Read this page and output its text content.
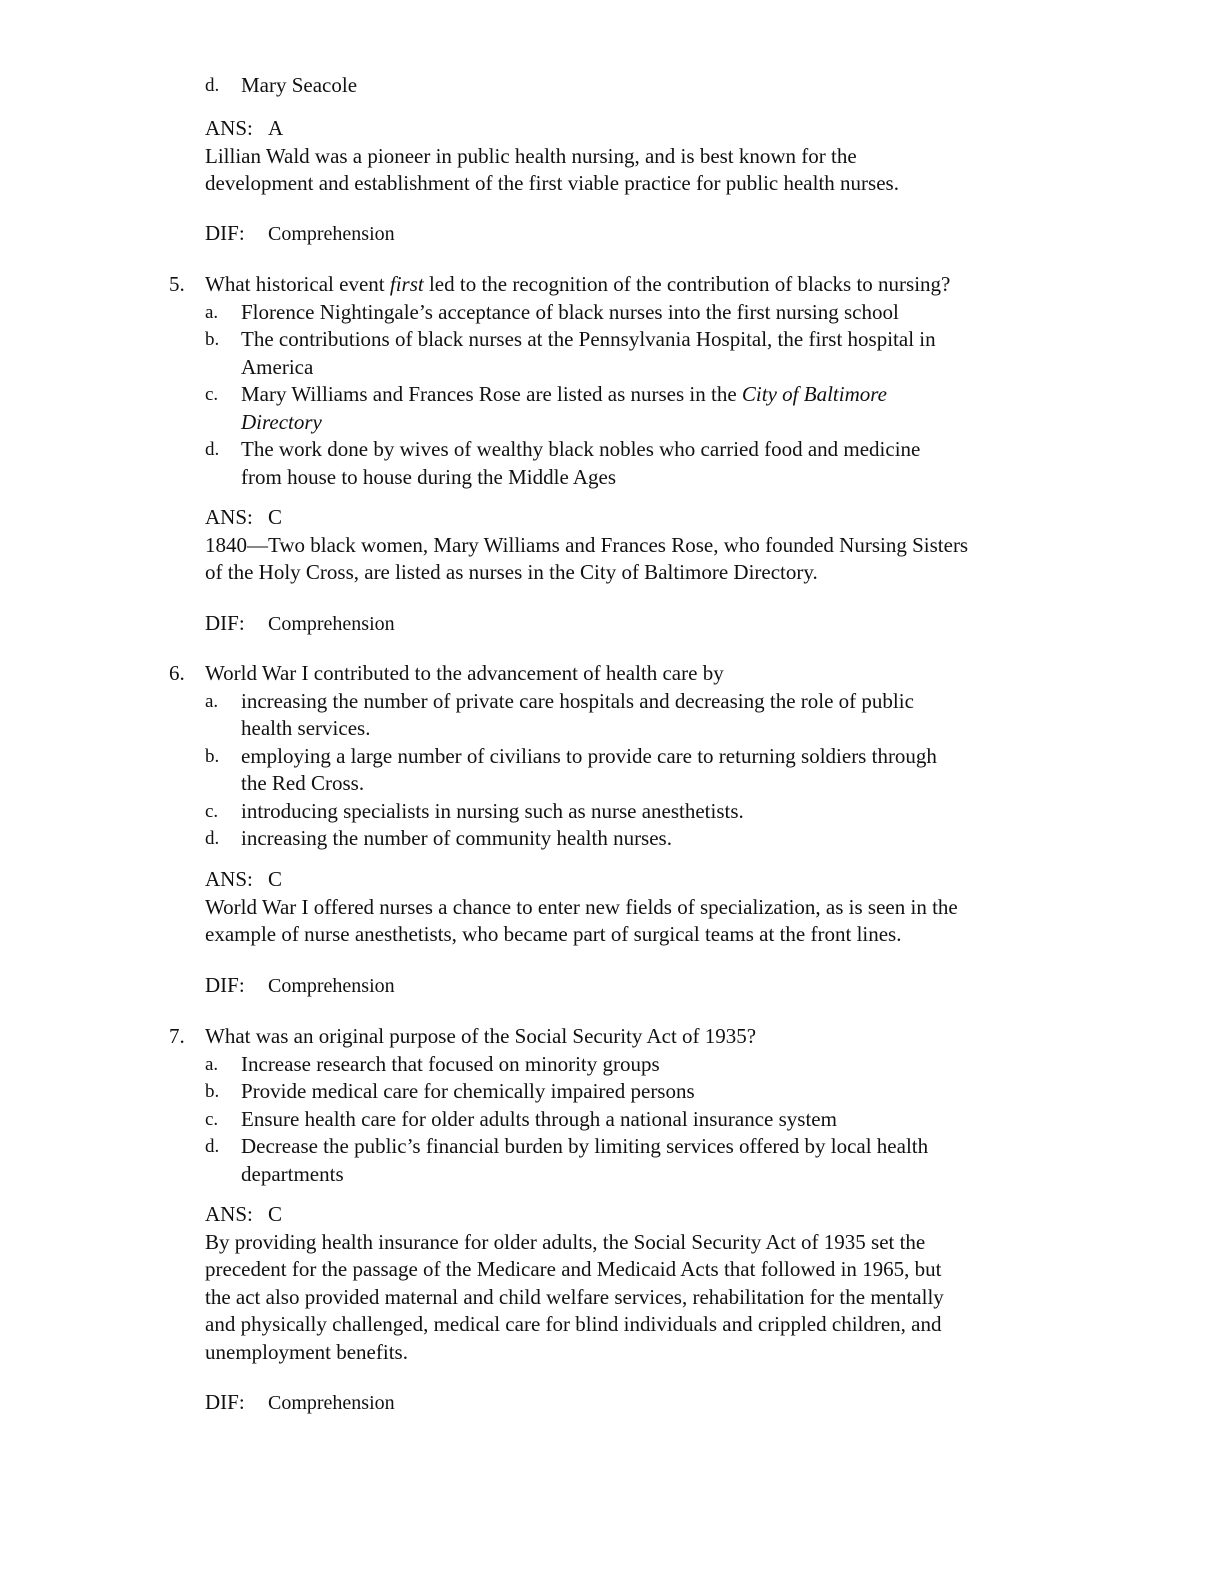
d. Mary Seacole
ANS: A
Lillian Wald was a pioneer in public health nursing, and is best known for the
development and establishment of the first viable practice for public health nurses.
DIF: Comprehension
5. What historical event first led to the recognition of the contribution of blacks to nursing?
a. Florence Nightingale’s acceptance of black nurses into the first nursing school
b. The contributions of black nurses at the Pennsylvania Hospital, the first hospital in
America
c. Mary Williams and Frances Rose are listed as nurses in the City of Baltimore
Directory
d. The work done by wives of wealthy black nobles who carried food and medicine
from house to house during the Middle Ages
ANS: C
1840—Two black women, Mary Williams and Frances Rose, who founded Nursing Sisters
of the Holy Cross, are listed as nurses in the City of Baltimore Directory.
DIF: Comprehension
6. World War I contributed to the advancement of health care by
a. increasing the number of private care hospitals and decreasing the role of public
health services.
b. employing a large number of civilians to provide care to returning soldiers through
the Red Cross.
c. introducing specialists in nursing such as nurse anesthetists.
d. increasing the number of community health nurses.
ANS: C
World War I offered nurses a chance to enter new fields of specialization, as is seen in the
example of nurse anesthetists, who became part of surgical teams at the front lines.
DIF: Comprehension
7. What was an original purpose of the Social Security Act of 1935?
a. Increase research that focused on minority groups
b. Provide medical care for chemically impaired persons
c. Ensure health care for older adults through a national insurance system
d. Decrease the public’s financial burden by limiting services offered by local health
departments
ANS: C
By providing health insurance for older adults, the Social Security Act of 1935 set the
precedent for the passage of the Medicare and Medicaid Acts that followed in 1965, but
the act also provided maternal and child welfare services, rehabilitation for the mentally
and physically challenged, medical care for blind individuals and crippled children, and
unemployment benefits.
DIF: Comprehension
